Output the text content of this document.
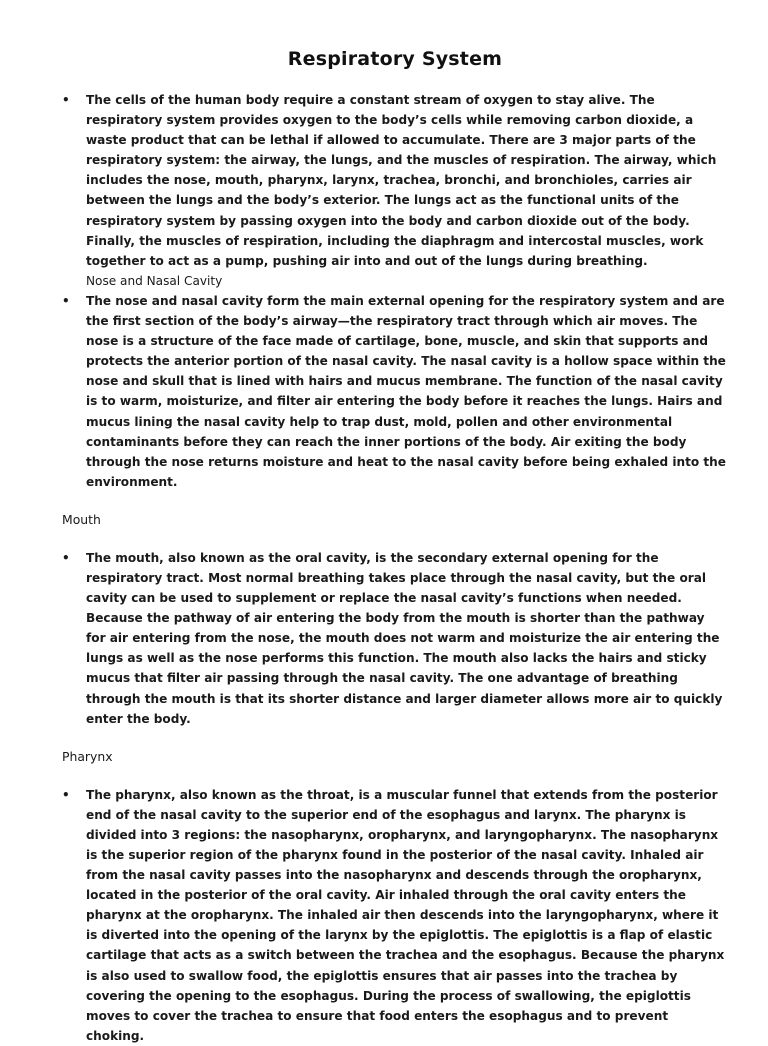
Respiratory System
• The cells of the human body require a constant stream of oxygen to stay alive. The respiratory system provides oxygen to the body’s cells while removing carbon dioxide, a waste product that can be lethal if allowed to accumulate. There are 3 major parts of the respiratory system: the airway, the lungs, and the muscles of respiration. The airway, which includes the nose, mouth, pharynx, larynx, trachea, bronchi, and bronchioles, carries air between the lungs and the body’s exterior. The lungs act as the functional units of the respiratory system by passing oxygen into the body and carbon dioxide out of the body. Finally, the muscles of respiration, including the diaphragm and intercostal muscles, work together to act as a pump, pushing air into and out of the lungs during breathing.
Nose and Nasal Cavity
• The nose and nasal cavity form the main external opening for the respiratory system and are the first section of the body’s airway—the respiratory tract through which air moves. The nose is a structure of the face made of cartilage, bone, muscle, and skin that supports and protects the anterior portion of the nasal cavity. The nasal cavity is a hollow space within the nose and skull that is lined with hairs and mucus membrane. The function of the nasal cavity is to warm, moisturize, and filter air entering the body before it reaches the lungs. Hairs and mucus lining the nasal cavity help to trap dust, mold, pollen and other environmental contaminants before they can reach the inner portions of the body. Air exiting the body through the nose returns moisture and heat to the nasal cavity before being exhaled into the environment.
Mouth
• The mouth, also known as the oral cavity, is the secondary external opening for the respiratory tract. Most normal breathing takes place through the nasal cavity, but the oral cavity can be used to supplement or replace the nasal cavity’s functions when needed. Because the pathway of air entering the body from the mouth is shorter than the pathway for air entering from the nose, the mouth does not warm and moisturize the air entering the lungs as well as the nose performs this function. The mouth also lacks the hairs and sticky mucus that filter air passing through the nasal cavity. The one advantage of breathing through the mouth is that its shorter distance and larger diameter allows more air to quickly enter the body.
Pharynx
• The pharynx, also known as the throat, is a muscular funnel that extends from the posterior end of the nasal cavity to the superior end of the esophagus and larynx. The pharynx is divided into 3 regions: the nasopharynx, oropharynx, and laryngopharynx. The nasopharynx is the superior region of the pharynx found in the posterior of the nasal cavity. Inhaled air from the nasal cavity passes into the nasopharynx and descends through the oropharynx, located in the posterior of the oral cavity. Air inhaled through the oral cavity enters the pharynx at the oropharynx. The inhaled air then descends into the laryngopharynx, where it is diverted into the opening of the larynx by the epiglottis. The epiglottis is a flap of elastic cartilage that acts as a switch between the trachea and the esophagus. Because the pharynx is also used to swallow food, the epiglottis ensures that air passes into the trachea by covering the opening to the esophagus. During the process of swallowing, the epiglottis moves to cover the trachea to ensure that food enters the esophagus and to prevent choking.
